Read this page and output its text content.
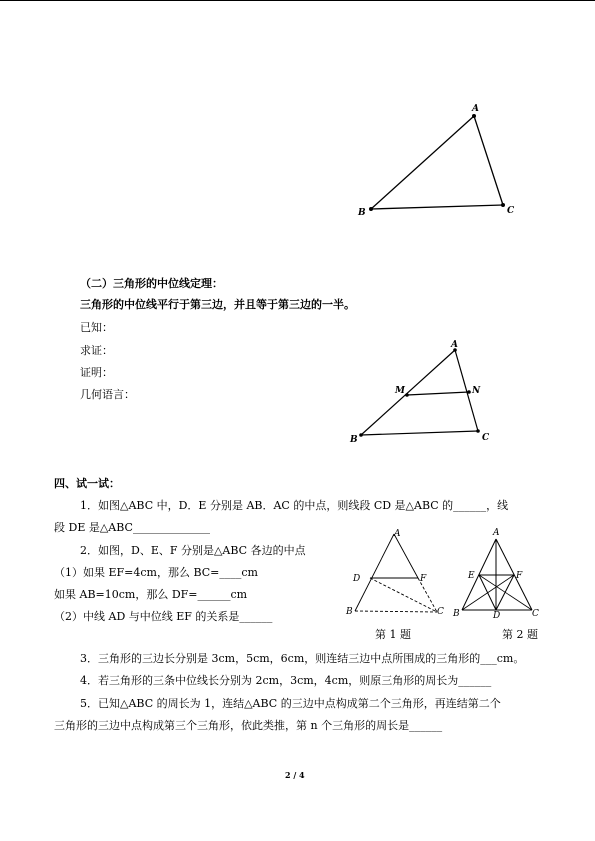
A
B	C
（二）三角形的中位线定理：
三角形的中位线平行于第三边，并且等于第三边的一半。
已知：
求证：
证明：
几何语言：
A
B	C
M	N
四、试一试：
1．如图△ABC 中，D．E 分别是 AB．AC 的中点，则线段 CD 是△ABC 的______，线
段 DE 是△ABC______________
2．如图，D、E、F 分别是△ABC 各边的中点
（1）如果 EF=4cm，那么 BC=____cm
如果 AB=10cm，那么 DF=______cm
（2）中线 AD 与中位线 EF 的关系是______
A
D	F
B	C
A
E	F
B	D	C
第 1 题	第 2 题
3．三角形的三边长分别是 3cm，5cm，6cm，则连结三边中点所围成的三角形的___cm。
4．若三角形的三条中位线长分别为 2cm，3cm，4cm，则原三角形的周长为______
5．已知△ABC 的周长为 1，连结△ABC 的三边中点构成第二个三角形，再连结第二个
三角形的三边中点构成第三个三角形，依此类推，第 n 个三角形的周长是______
2 / 4
